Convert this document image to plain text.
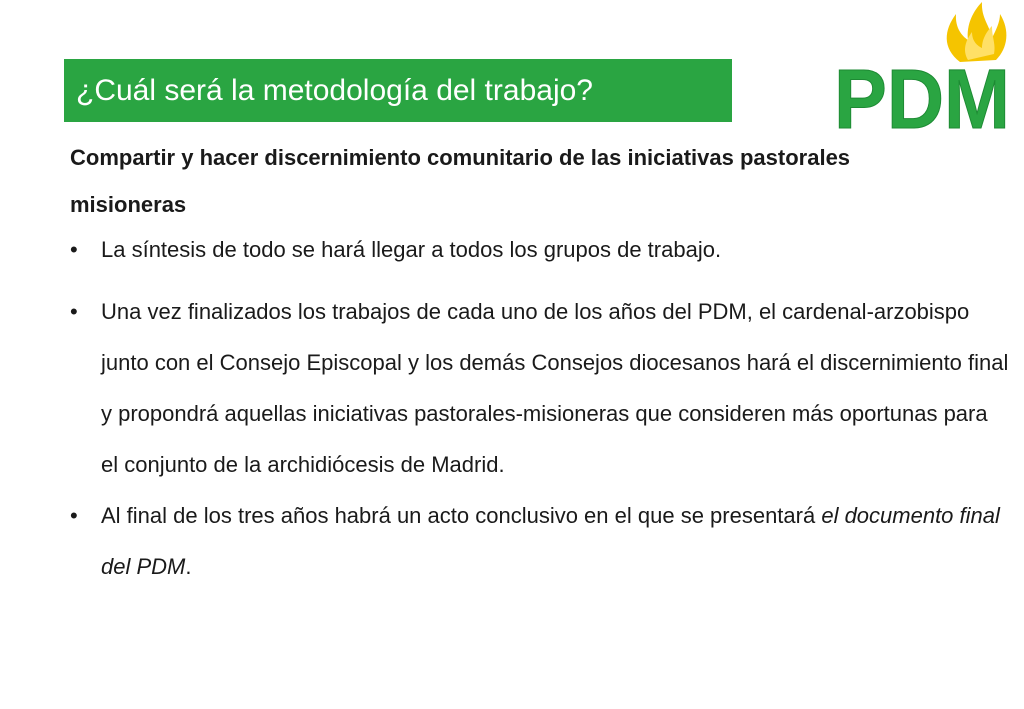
¿Cuál será la metodología del trabajo?	PDM

Compartir y hacer discernimiento comunitario de las iniciativas pastorales misioneras

•	La síntesis de todo se hará llegar a todos los grupos de trabajo.
•	Una vez finalizados los trabajos de cada uno de los años del PDM, el cardenal-arzobispo junto con el Consejo Episcopal y los demás Consejos diocesanos hará el discernimiento final y propondrá aquellas iniciativas pastorales-misioneras que consideren más oportunas para el conjunto de la archidiócesis de Madrid.
•	Al final de los tres años habrá un acto conclusivo en el que se presentará el documento final del PDM.
